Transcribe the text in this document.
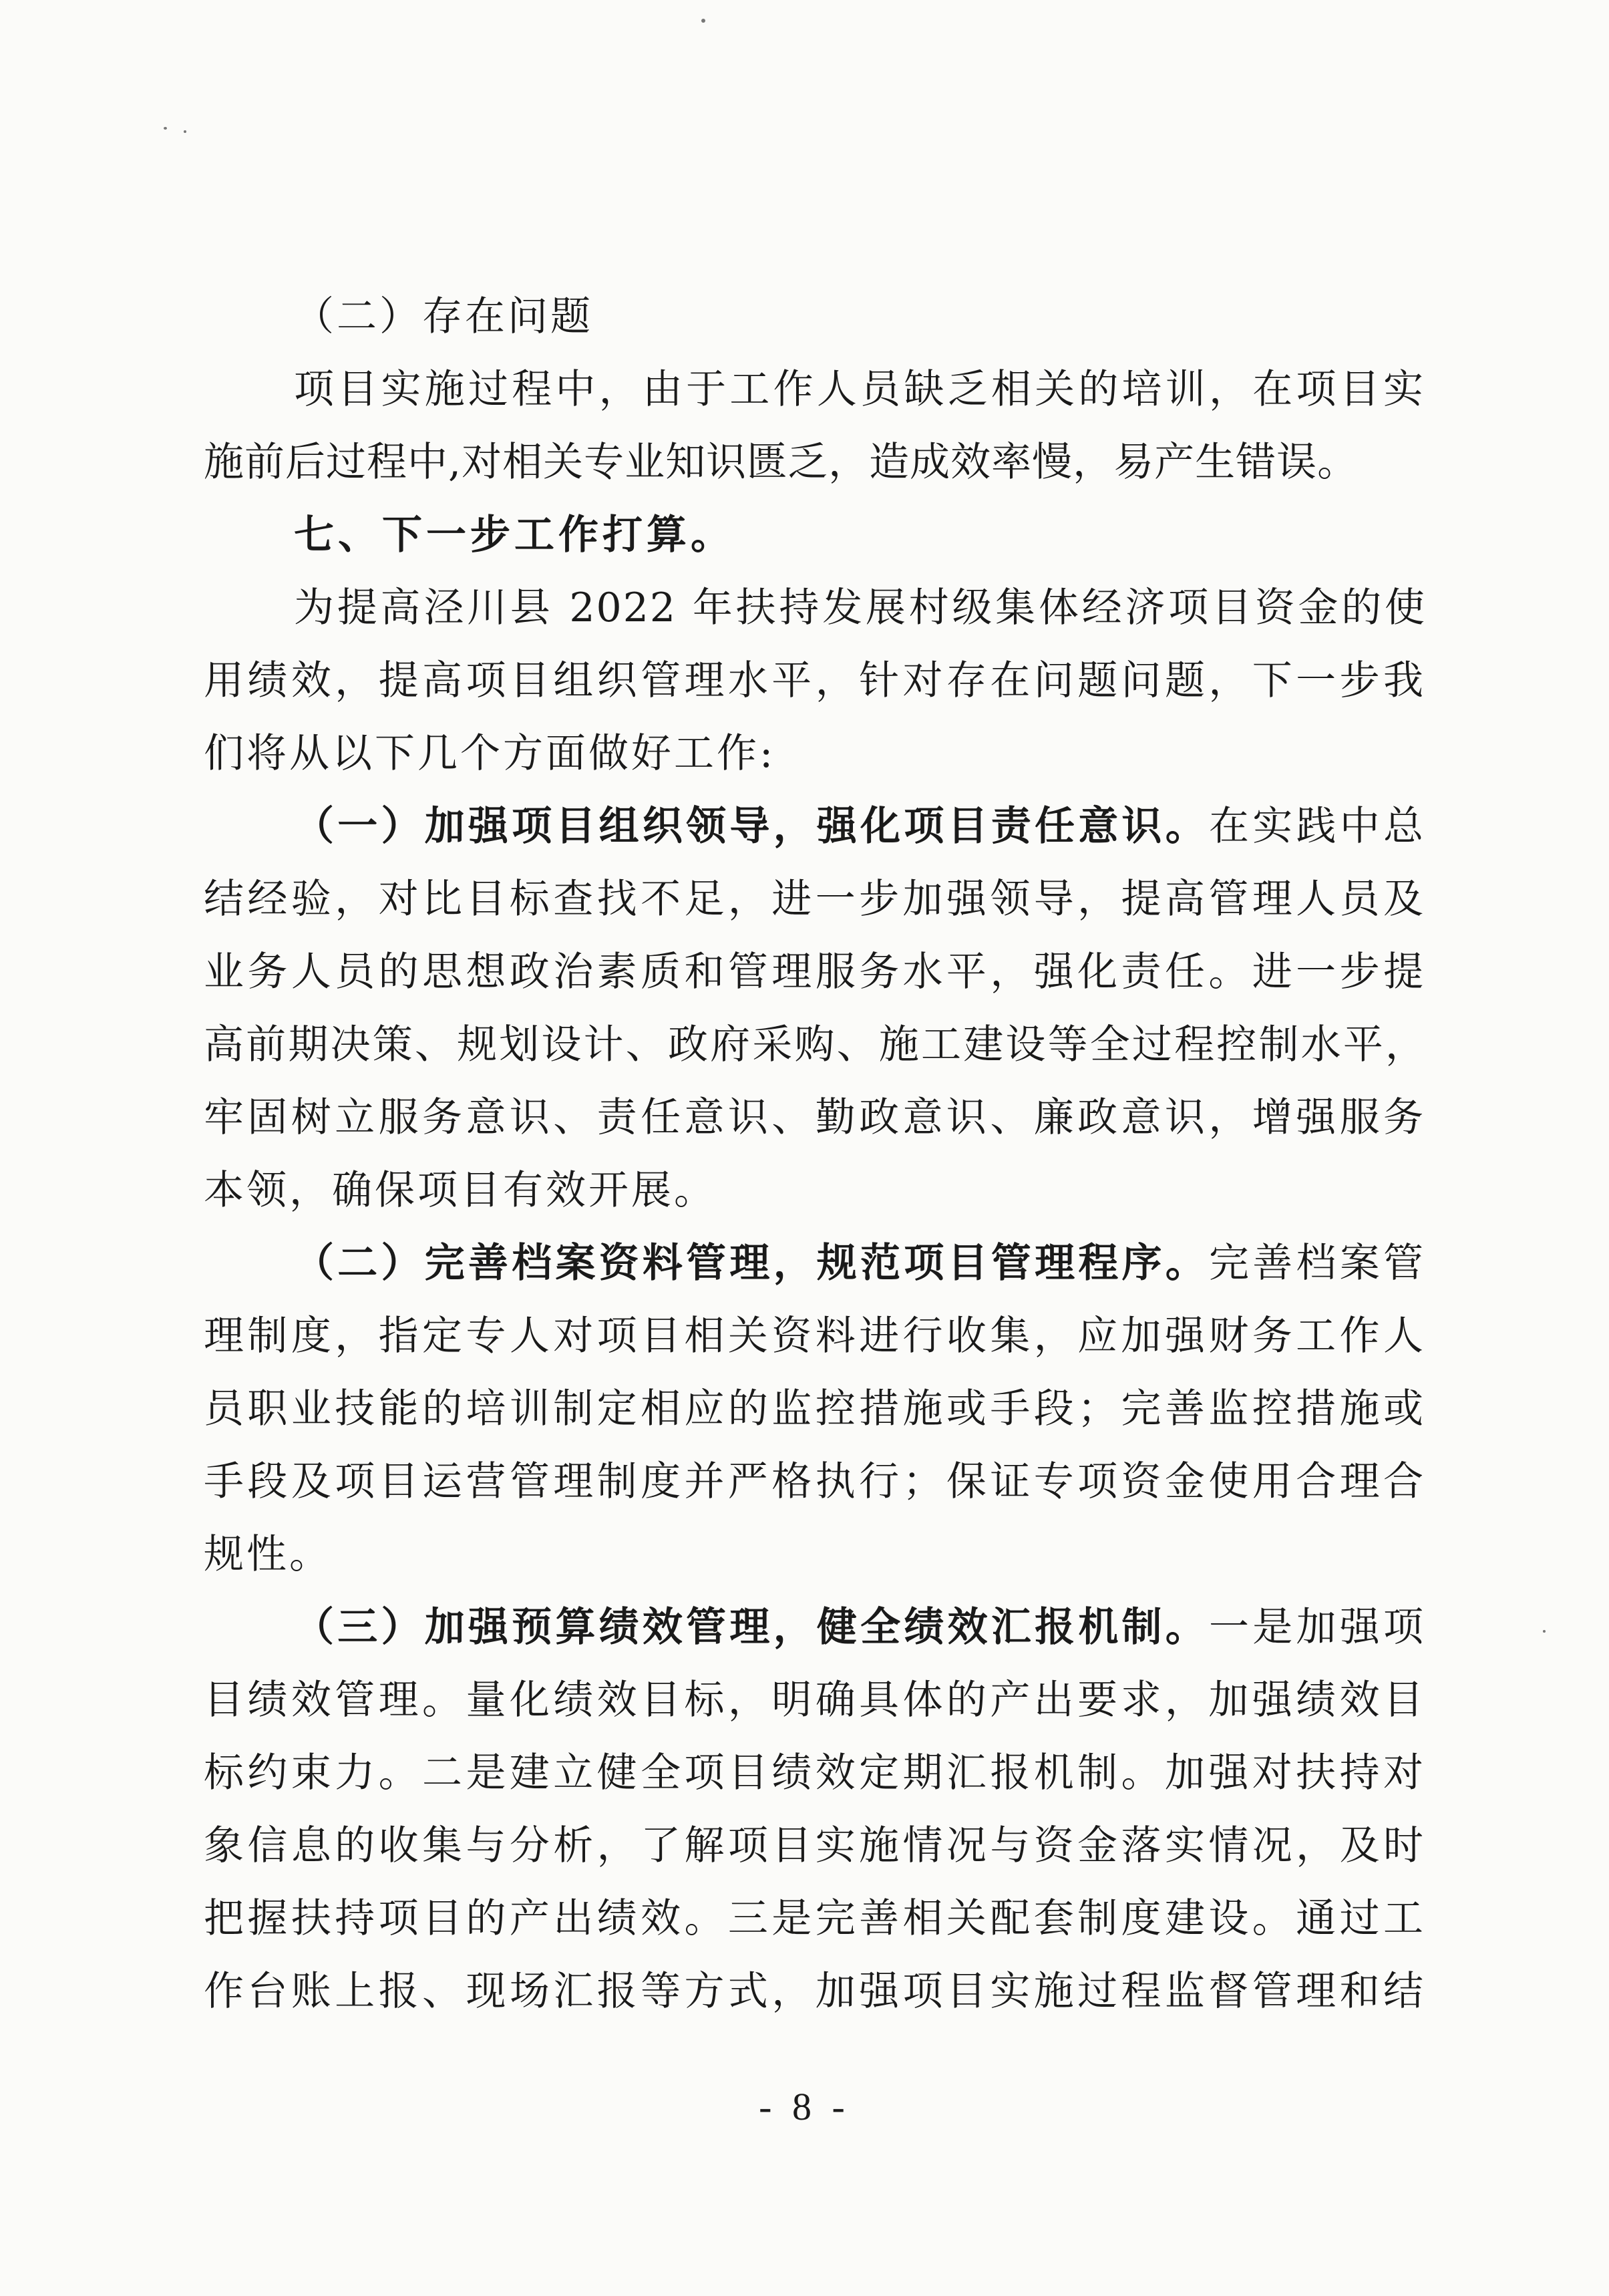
（二）存在问题
项目实施过程中，由于工作人员缺乏相关的培训，在项目实
施前后过程中,对相关专业知识匮乏，造成效率慢，易产生错误。
七、下一步工作打算。
为提高泾川县 2022 年扶持发展村级集体经济项目资金的使
用绩效，提高项目组织管理水平，针对存在问题问题，下一步我
们将从以下几个方面做好工作:
（一）加强项目组织领导，强化项目责任意识。在实践中总
结经验，对比目标查找不足，进一步加强领导，提高管理人员及
业务人员的思想政治素质和管理服务水平，强化责任。进一步提
高前期决策、规划设计、政府采购、施工建设等全过程控制水平，
牢固树立服务意识、责任意识、勤政意识、廉政意识，增强服务
本领，确保项目有效开展。
（二）完善档案资料管理，规范项目管理程序。完善档案管
理制度，指定专人对项目相关资料进行收集，应加强财务工作人
员职业技能的培训制定相应的监控措施或手段；完善监控措施或
手段及项目运营管理制度并严格执行；保证专项资金使用合理合
规性。
（三）加强预算绩效管理，健全绩效汇报机制。一是加强项
目绩效管理。量化绩效目标，明确具体的产出要求，加强绩效目
标约束力。二是建立健全项目绩效定期汇报机制。加强对扶持对
象信息的收集与分析，了解项目实施情况与资金落实情况，及时
把握扶持项目的产出绩效。三是完善相关配套制度建设。通过工
作台账上报、现场汇报等方式，加强项目实施过程监督管理和结
- 8 -
